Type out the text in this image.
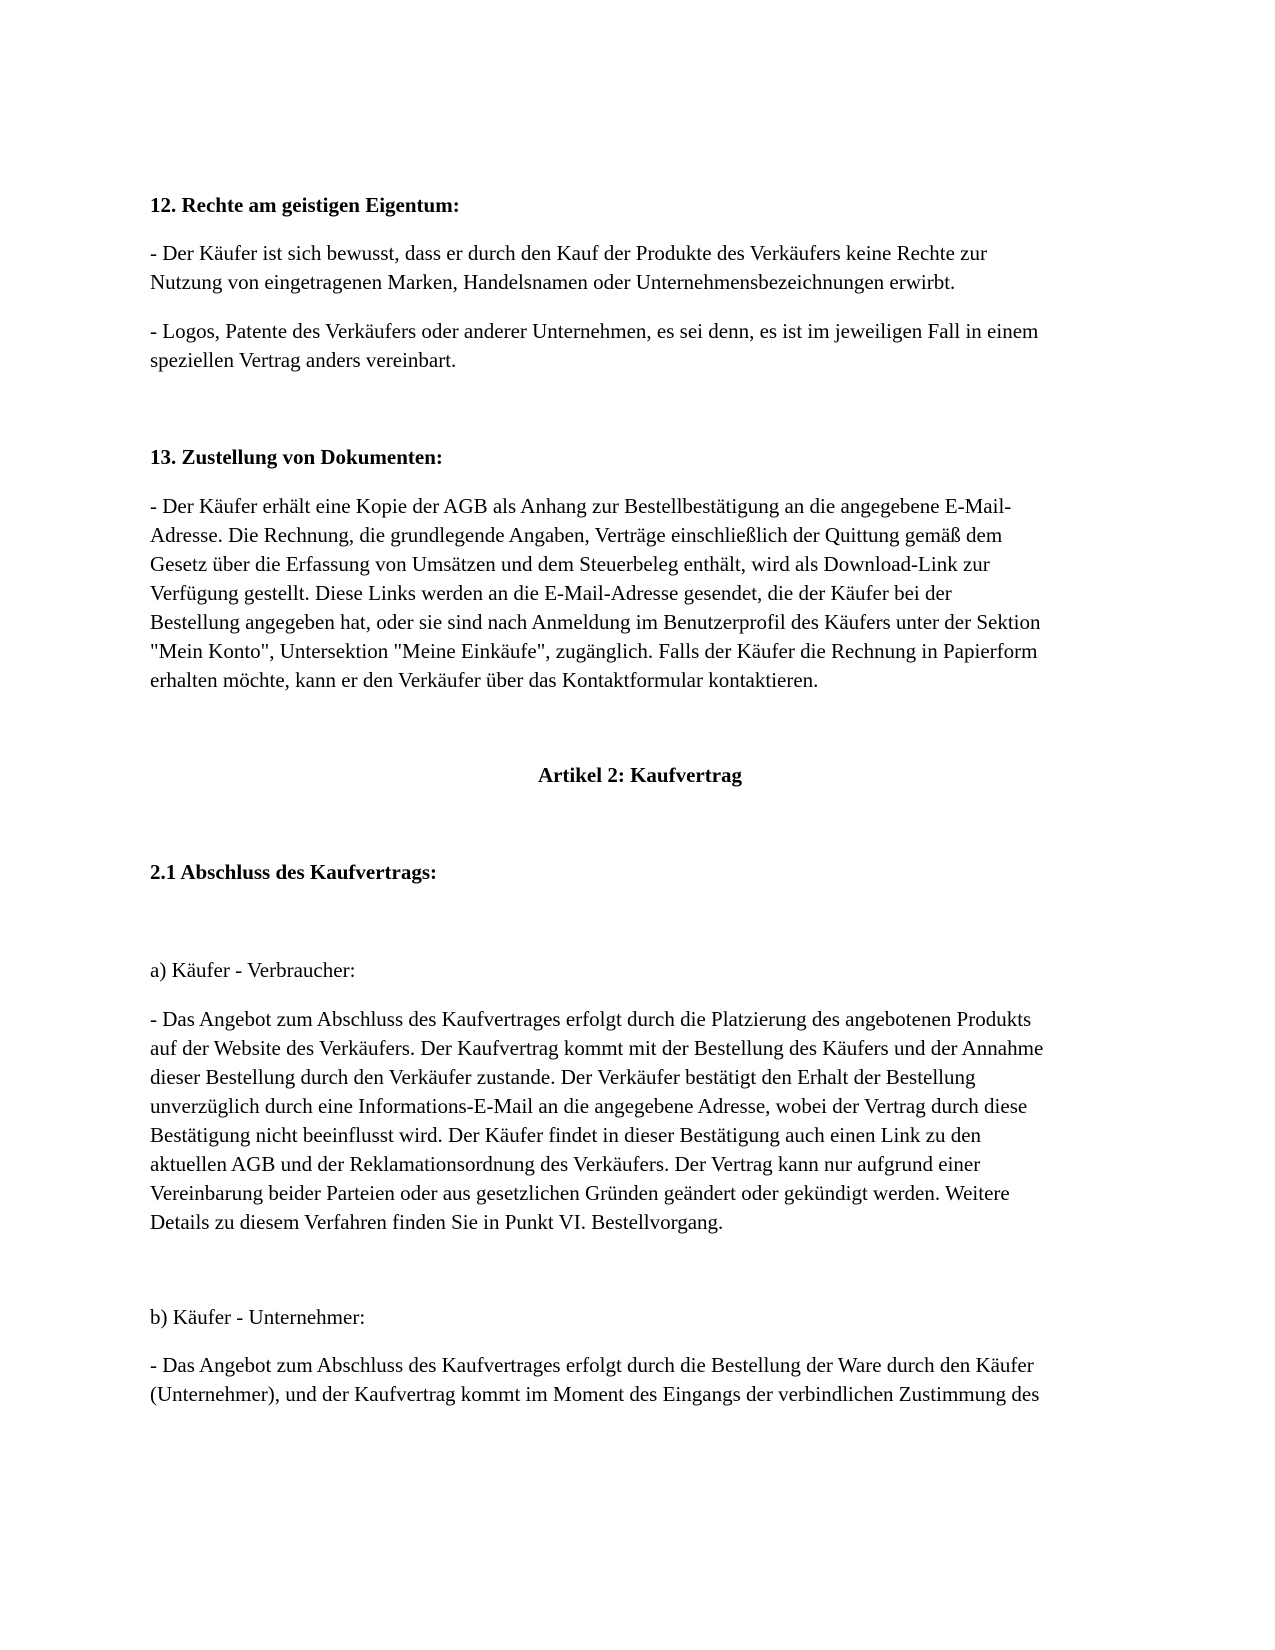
12. Rechte am geistigen Eigentum:

- Der Käufer ist sich bewusst, dass er durch den Kauf der Produkte des Verkäufers keine Rechte zur

Nutzung von eingetragenen Marken, Handelsnamen oder Unternehmensbezeichnungen erwirbt.

- Logos, Patente des Verkäufers oder anderer Unternehmen, es sei denn, es ist im jeweiligen Fall in einem

speziellen Vertrag anders vereinbart.

13. Zustellung von Dokumenten:

- Der Käufer erhält eine Kopie der AGB als Anhang zur Bestellbestätigung an die angegebene E-Mail-

Adresse. Die Rechnung, die grundlegende Angaben, Verträge einschließlich der Quittung gemäß dem

Gesetz über die Erfassung von Umsätzen und dem Steuerbeleg enthält, wird als Download-Link zur

Verfügung gestellt. Diese Links werden an die E-Mail-Adresse gesendet, die der Käufer bei der

Bestellung angegeben hat, oder sie sind nach Anmeldung im Benutzerprofil des Käufers unter der Sektion

"Mein Konto", Untersektion "Meine Einkäufe", zugänglich. Falls der Käufer die Rechnung in Papierform

erhalten möchte, kann er den Verkäufer über das Kontaktformular kontaktieren.

Artikel 2: Kaufvertrag

2.1 Abschluss des Kaufvertrags:

a) Käufer - Verbraucher:

- Das Angebot zum Abschluss des Kaufvertrages erfolgt durch die Platzierung des angebotenen Produkts

auf der Website des Verkäufers. Der Kaufvertrag kommt mit der Bestellung des Käufers und der Annahme

dieser Bestellung durch den Verkäufer zustande. Der Verkäufer bestätigt den Erhalt der Bestellung

unverzüglich durch eine Informations-E-Mail an die angegebene Adresse, wobei der Vertrag durch diese

Bestätigung nicht beeinflusst wird. Der Käufer findet in dieser Bestätigung auch einen Link zu den

aktuellen AGB und der Reklamationsordnung des Verkäufers. Der Vertrag kann nur aufgrund einer

Vereinbarung beider Parteien oder aus gesetzlichen Gründen geändert oder gekündigt werden. Weitere

Details zu diesem Verfahren finden Sie in Punkt VI. Bestellvorgang.

b) Käufer - Unternehmer:

- Das Angebot zum Abschluss des Kaufvertrages erfolgt durch die Bestellung der Ware durch den Käufer

(Unternehmer), und der Kaufvertrag kommt im Moment des Eingangs der verbindlichen Zustimmung des
